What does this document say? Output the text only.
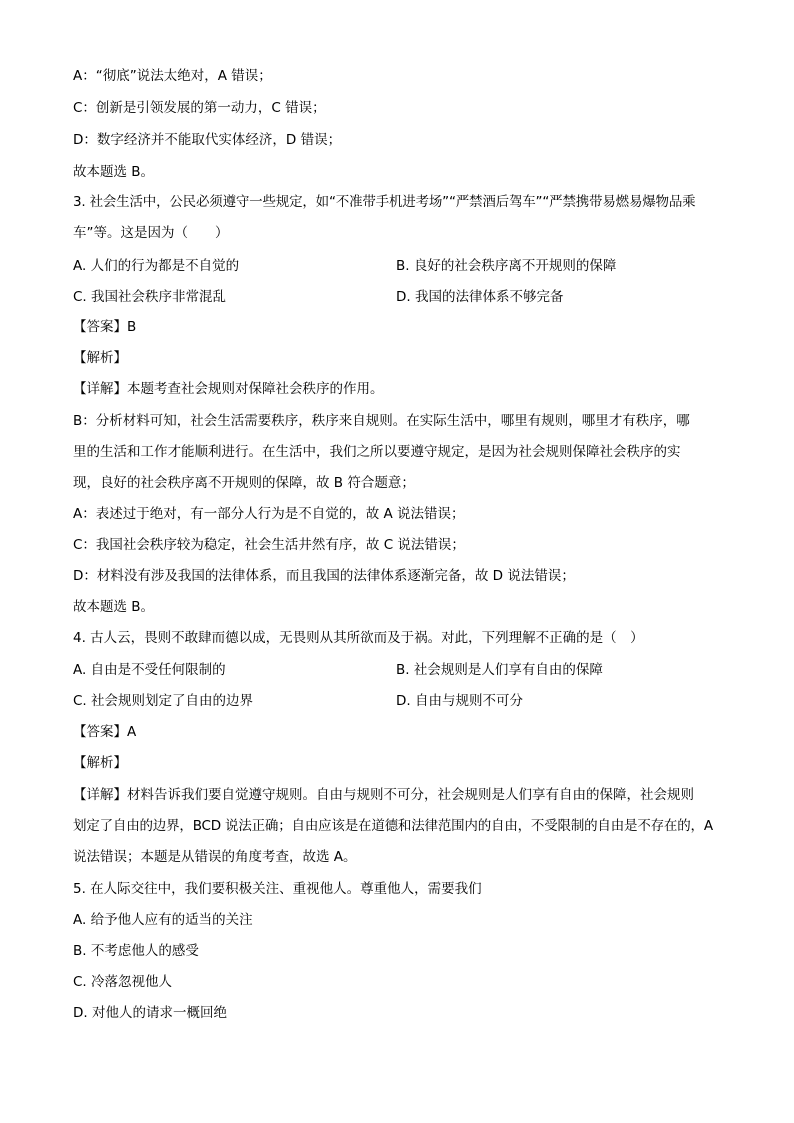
A：“彻底”说法太绝对，A 错误；
C：创新是引领发展的第一动力，C 错误；
D：数字经济并不能取代实体经济，D 错误；
故本题选 B。
3. 社会生活中，公民必须遵守一些规定，如“不准带手机进考场”“严禁酒后驾车”“严禁携带易燃易爆物品乘
车”等。这是因为（　　）
A. 人们的行为都是不自觉的	B. 良好的社会秩序离不开规则的保障
C. 我国社会秩序非常混乱	D. 我国的法律体系不够完备
【答案】B
【解析】
【详解】本题考查社会规则对保障社会秩序的作用。
B：分析材料可知，社会生活需要秩序，秩序来自规则。在实际生活中，哪里有规则，哪里才有秩序，哪
里的生活和工作才能顺利进行。在生活中，我们之所以要遵守规定，是因为社会规则保障社会秩序的实
现，良好的社会秩序离不开规则的保障，故 B 符合题意；
A：表述过于绝对，有一部分人行为是不自觉的，故 A 说法错误；
C：我国社会秩序较为稳定，社会生活井然有序，故 C 说法错误；
D：材料没有涉及我国的法律体系，而且我国的法律体系逐渐完备，故 D 说法错误；
故本题选 B。
4. 古人云，畏则不敢肆而德以成，无畏则从其所欲而及于祸。对此，下列理解不正确的是（　）
A. 自由是不受任何限制的	B. 社会规则是人们享有自由的保障
C. 社会规则划定了自由的边界	D. 自由与规则不可分
【答案】A
【解析】
【详解】材料告诉我们要自觉遵守规则。自由与规则不可分，社会规则是人们享有自由的保障，社会规则
划定了自由的边界，BCD 说法正确；自由应该是在道德和法律范围内的自由，不受限制的自由是不存在的，A
说法错误；本题是从错误的角度考查，故选 A。
5. 在人际交往中，我们要积极关注、重视他人。尊重他人，需要我们
A. 给予他人应有的适当的关注
B. 不考虑他人的感受
C. 冷落忽视他人
D. 对他人的请求一概回绝
